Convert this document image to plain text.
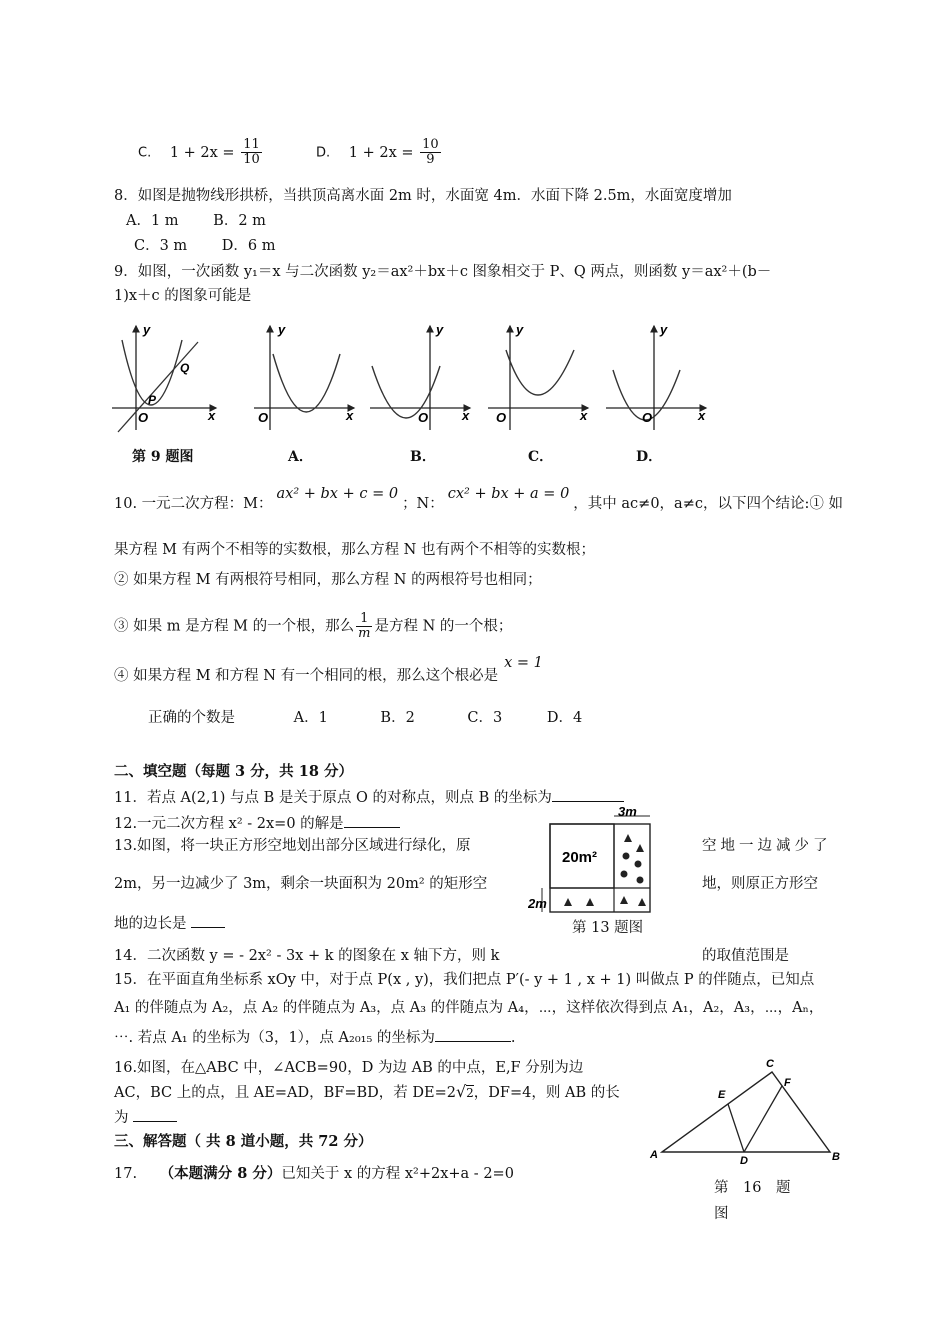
C. $1 + 2x = \frac{11}{10}$	D. $1 + 2x = \frac{10}{9}$
8．如图是抛物线形拱桥，当拱顶高离水面 2m 时，水面宽 4m．水面下降 2.5m，水面宽度增加
A．1 m B．2 m
C．3 m D．6 m
9．如图，一次函数 y₁＝x 与二次函数 y₂＝ax²＋bx＋c 图象相交于 P、Q 两点，则函数 y＝ax²＋(b－
1)x＋c 的图象可能是
y
x
O
P
Q
y
x
O
y
x
O
y
x
O
y
x
O
第 9 题图	A．	B．	C．	D．
10. 一元二次方程：M：ax² + bx + c = 0；N：cx² + bx + a = 0，其中 ac≠0，a≠c，以下四个结论:① 如
果方程 M 有两个不相等的实数根，那么方程 N 也有两个不相等的实数根；
② 如果方程 M 有两根符号相同，那么方程 N 的两根符号也相同；
③ 如果 m 是方程 M 的一个根，那么 $\frac{1}{m}$ 是方程 N 的一个根；
④ 如果方程 M 和方程 N 有一个相同的根，那么这个根必是x = 1
正确的个数是	A．1	B．2	C．3	D．4
二、填空题（每题 3 分，共 18 分）
11．若点 A(2,1) 与点 B 是关于原点 O 的对称点，则点 B 的坐标为
12.一元二次方程 x² - 2x=0 的解是
13.如图，将一块正方形空地划出部分区域进行绿化，原	空地一边减少了
2m，另一边减少了 3m，剩余一块面积为 20m² 的矩形空	地，则原正方形空
地的边长是
3m
2m
20m²
第 13 题图
14．二次函数 y = - 2x² - 3x + k 的图象在 x 轴下方，则 k	的取值范围是
15．在平面直角坐标系 xOy 中，对于点 P(x , y)，我们把点 P′(- y + 1 , x + 1) 叫做点 P 的伴随点，已知点
A₁ 的伴随点为 A₂，点 A₂ 的伴随点为 A₃，点 A₃ 的伴随点为 A₄，⋯，这样依次得到点 A₁，A₂，A₃，⋯，Aₙ，
⋯. 若点 A₁ 的坐标为（3，1），点 A₂₀₁₅ 的坐标为	.
16.如图，在△ABC 中，∠ACB=90，D 为边 AB 的中点，E,F 分别为边
AC，BC 上的点，且 AE=AD，BF=BD，若 DE=2√2，DF=4，则 AB 的长
为
A	B
C
D
E
F
第　16　题
图
三、解答题（ 共 8 道小题，共 72 分）
17. （本题满分 8 分）已知关于 x 的方程 x²+2x+a - 2=0
